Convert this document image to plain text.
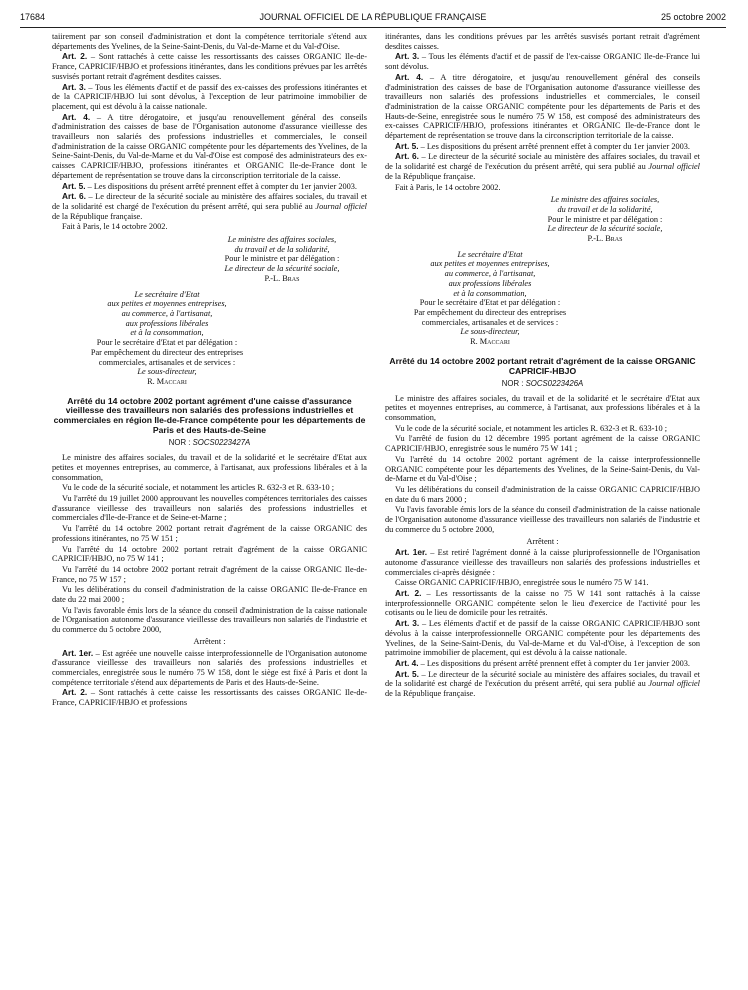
17684	JOURNAL OFFICIEL DE LA RÉPUBLIQUE FRANÇAISE	25 octobre 2002

taiirement par son conseil d'administration et dont la compétence territoriale s'étend aux départements des Yvelines, de la Seine-Saint-Denis, du Val-de-Marne et du Val-d'Oise.

Art. 2. – Sont rattachés à cette caisse les ressortissants des caisses ORGANIC Ile-de-France, CAPRICIF/HBJO et professions itinérantes, dans les conditions prévues par les arrêtés susvisés portant retrait d'agrément desdites caisses.

Art. 3. – Tous les éléments d'actif et de passif des ex-caisses des professions itinérantes et de la CAPRICIF/HBJO lui sont dévolus, à l'exception de leur patrimoine immobilier de placement, qui est dévolu à la caisse nationale.

Art. 4. – A titre dérogatoire, et jusqu'au renouvellement général des conseils d'administration des caisses de base de l'Organisation autonome d'assurance vieillesse des travailleurs non salariés des professions industrielles et commerciales, le conseil d'administration de la caisse ORGANIC compétente pour les départements des Yvelines, de la Seine-Saint-Denis, du Val-de-Marne et du Val-d'Oise est composé des administrateurs des ex-caisses CAPRICIF/HBJO, professions itinérantes et ORGANIC Ile-de-France dont le département de représentation se trouve dans la circonscription territoriale de la caisse.

Art. 5. – Les dispositions du présent arrêté prennent effet à compter du 1er janvier 2003.

Art. 6. – Le directeur de la sécurité sociale au ministère des affaires sociales, du travail et de la solidarité est chargé de l'exécution du présent arrêté, qui sera publié au Journal officiel de la République française.

Fait à Paris, le 14 octobre 2002.

Le ministre des affaires sociales,

du travail et de la solidarité,

Pour le ministre et par délégation :

Le directeur de la sécurité sociale,

P.-L. Bras

Le secrétaire d'Etat

aux petites et moyennes entreprises,

au commerce, à l'artisanat,

aux professions libérales

et à la consommation,

Pour le secrétaire d'Etat et par délégation :

Par empêchement du directeur des entreprises

commerciales, artisanales et de services :

Le sous-directeur,

R. Maccari

Arrêté du 14 octobre 2002 portant agrément d'une caisse d'assurance vieillesse des travailleurs non salariés des professions industrielles et commerciales en région Ile-de-France compétente pour les départements de Paris et des Hauts-de-Seine
NOR : SOCS0223427A

Le ministre des affaires sociales, du travail et de la solidarité et le secrétaire d'Etat aux petites et moyennes entreprises, au commerce, à l'artisanat, aux professions libérales et à la consommation,

Vu le code de la sécurité sociale, et notamment les articles R. 632-3 et R. 633-10 ;

Vu l'arrêté du 19 juillet 2000 approuvant les nouvelles compétences territoriales des caisses d'assurance vieillesse des travailleurs non salariés des professions industrielles et commerciales d'Ile-de-France et de Seine-et-Marne ;

Vu l'arrêté du 14 octobre 2002 portant retrait d'agrément de la caisse ORGANIC des professions itinérantes, no 75 W 151 ;

Vu l'arrêté du 14 octobre 2002 portant retrait d'agrément de la caisse ORGANIC CAPRICIF/HBJO, no 75 W 141 ;

Vu l'arrêté du 14 octobre 2002 portant retrait d'agrément de la caisse ORGANIC Ile-de-France, no 75 W 157 ;

Vu les délibérations du conseil d'administration de la caisse ORGANIC Ile-de-France en date du 22 mai 2000 ;

Vu l'avis favorable émis lors de la séance du conseil d'administration de la caisse nationale de l'Organisation autonome d'assurance vieillesse des travailleurs non salariés de l'industrie et du commerce du 5 octobre 2000,

Arrêtent :

Art. 1er. – Est agréée une nouvelle caisse interprofessionnelle de l'Organisation autonome d'assurance vieillesse des travailleurs non salariés des professions industrielles et commerciales, enregistrée sous le numéro 75 W 158, dont le siège est fixé à Paris et dont la compétence territoriale s'étend aux départements de Paris et des Hauts-de-Seine.

Art. 2. – Sont rattachés à cette caisse les ressortissants des caisses ORGANIC Ile-de-France, CAPRICIF/HBJO et professions

itinérantes, dans les conditions prévues par les arrêtés susvisés portant retrait d'agrément desdites caisses.

Art. 3. – Tous les éléments d'actif et de passif de l'ex-caisse ORGANIC Ile-de-France lui sont dévolus.

Art. 4. – A titre dérogatoire, et jusqu'au renouvellement général des conseils d'administration des caisses de base de l'Organisation autonome d'assurance vieillesse des travailleurs non salariés des professions industrielles et commerciales, le conseil d'administration de la caisse ORGANIC compétente pour les départements de Paris et des Hauts-de-Seine, enregistrée sous le numéro 75 W 158, est composé des administrateurs des ex-caisses CAPRICIF/HBJO, professions itinérantes et ORGANIC Ile-de-France dont le département de représentation se trouve dans la circonscription territoriale de la caisse.

Art. 5. – Les dispositions du présent arrêté prennent effet à compter du 1er janvier 2003.

Art. 6. – Le directeur de la sécurité sociale au ministère des affaires sociales, du travail et de la solidarité est chargé de l'exécution du présent arrêté, qui sera publié au Journal officiel de la République française.

Fait à Paris, le 14 octobre 2002.

Le ministre des affaires sociales,

du travail et de la solidarité,

Pour le ministre et par délégation :

Le directeur de la sécurité sociale,

P.-L. Bras

Le secrétaire d'Etat

aux petites et moyennes entreprises,

au commerce, à l'artisanat,

aux professions libérales

et à la consommation,

Pour le secrétaire d'Etat et par délégation :

Par empêchement du directeur des entreprises

commerciales, artisanales et de services :

Le sous-directeur,

R. Maccari

Arrêté du 14 octobre 2002 portant retrait d'agrément de la caisse ORGANIC CAPRICIF-HBJO
NOR : SOCS0223426A

Le ministre des affaires sociales, du travail et de la solidarité et le secrétaire d'Etat aux petites et moyennes entreprises, au commerce, à l'artisanat, aux professions libérales et à la consommation,

Vu le code de la sécurité sociale, et notamment les articles R. 632-3 et R. 633-10 ;

Vu l'arrêté de fusion du 12 décembre 1995 portant agrément de la caisse ORGANIC CAPRICIF/HBJO, enregistrée sous le numéro 75 W 141 ;

Vu l'arrêté du 14 octobre 2002 portant agrément de la caisse interprofessionnelle ORGANIC compétente pour les départements des Yvelines, de la Seine-Saint-Denis, du Val-de-Marne et du Val-d'Oise ;

Vu les délibérations du conseil d'administration de la caisse ORGANIC CAPRICIF/HBJO en date du 6 mars 2000 ;

Vu l'avis favorable émis lors de la séance du conseil d'administration de la caisse nationale de l'Organisation autonome d'assurance vieillesse des travailleurs non salariés de l'industrie et du commerce du 5 octobre 2000,

Arrêtent :

Art. 1er. – Est retiré l'agrément donné à la caisse pluriprofessionnelle de l'Organisation autonome d'assurance vieillesse des travailleurs non salariés des professions industrielles et commerciales ci-après désignée :

Caisse ORGANIC CAPRICIF/HBJO, enregistrée sous le numéro 75 W 141.

Art. 2. – Les ressortissants de la caisse no 75 W 141 sont rattachés à la caisse interprofessionnelle ORGANIC compétente selon le lieu d'exercice de l'activité pour les cotisants ou le lieu de domicile pour les retraités.

Art. 3. – Les éléments d'actif et de passif de la caisse ORGANIC CAPRICIF/HBJO sont dévolus à la caisse interprofessionnelle ORGANIC compétente pour les départements des Yvelines, de la Seine-Saint-Denis, du Val-de-Marne et du Val-d'Oise, à l'exception de son patrimoine immobilier de placement, qui est dévolu à la caisse nationale.

Art. 4. – Les dispositions du présent arrêté prennent effet à compter du 1er janvier 2003.

Art. 5. – Le directeur de la sécurité sociale au ministère des affaires sociales, du travail et de la solidarité est chargé de l'exécution du présent arrêté, qui sera publié au Journal officiel de la République française.
